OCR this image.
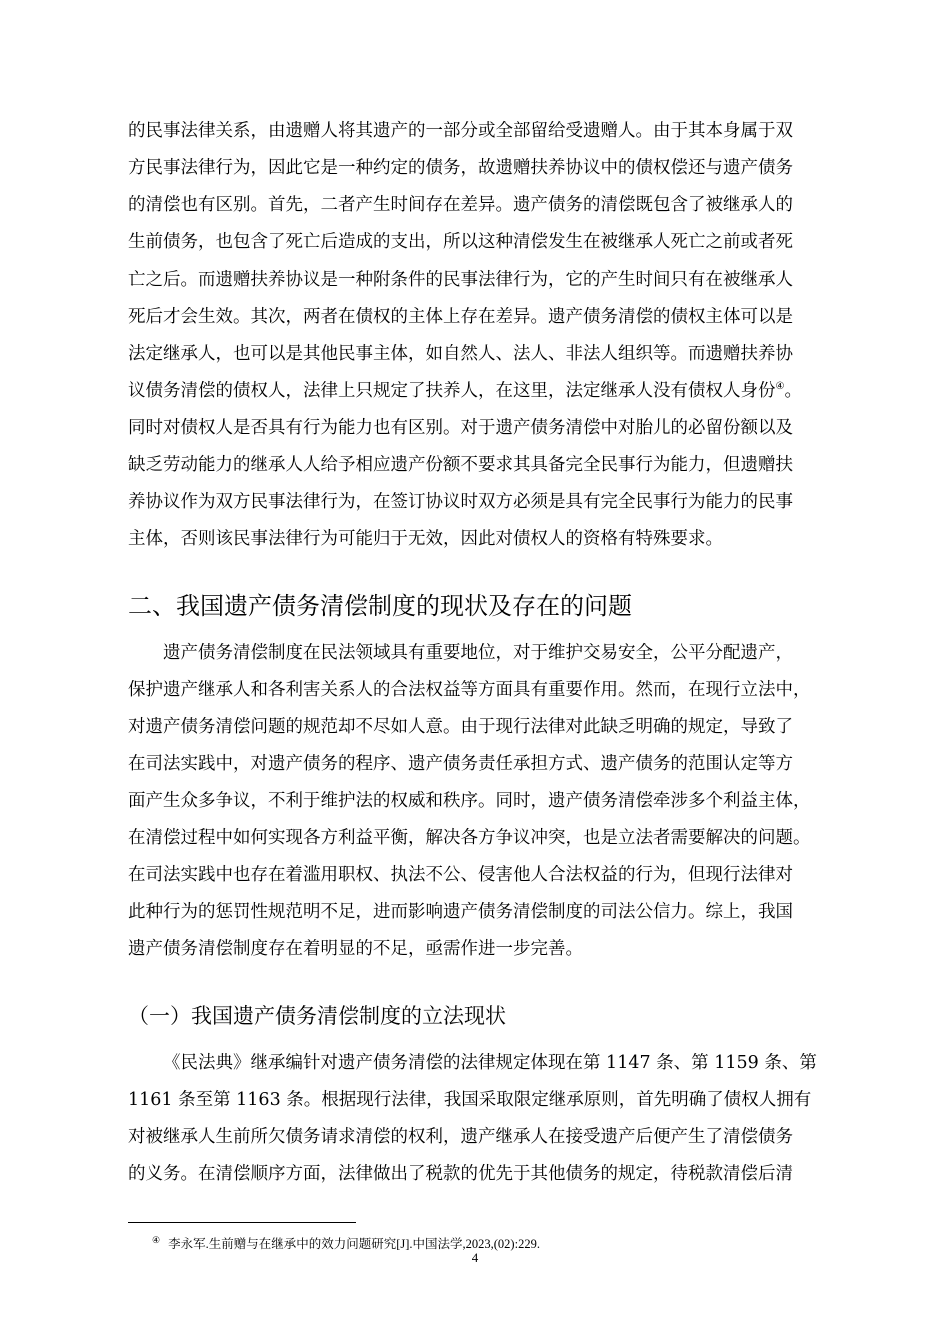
的民事法律关系，由遗赠人将其遗产的一部分或全部留给受遗赠人。由于其本身属于双
方民事法律行为，因此它是一种约定的债务，故遗赠扶养协议中的债权偿还与遗产债务
的清偿也有区别。首先，二者产生时间存在差异。遗产债务的清偿既包含了被继承人的
生前债务，也包含了死亡后造成的支出，所以这种清偿发生在被继承人死亡之前或者死
亡之后。而遗赠扶养协议是一种附条件的民事法律行为，它的产生时间只有在被继承人
死后才会生效。其次，两者在债权的主体上存在差异。遗产债务清偿的债权主体可以是
法定继承人，也可以是其他民事主体，如自然人、法人、非法人组织等。而遗赠扶养协
议债务清偿的债权人，法律上只规定了扶养人，在这里，法定继承人没有债权人身份④。
同时对债权人是否具有行为能力也有区别。对于遗产债务清偿中对胎儿的必留份额以及
缺乏劳动能力的继承人人给予相应遗产份额不要求其具备完全民事行为能力，但遗赠扶
养协议作为双方民事法律行为，在签订协议时双方必须是具有完全民事行为能力的民事
主体，否则该民事法律行为可能归于无效，因此对债权人的资格有特殊要求。
二、我国遗产债务清偿制度的现状及存在的问题
遗产债务清偿制度在民法领域具有重要地位，对于维护交易安全，公平分配遗产，
保护遗产继承人和各利害关系人的合法权益等方面具有重要作用。然而，在现行立法中，
对遗产债务清偿问题的规范却不尽如人意。由于现行法律对此缺乏明确的规定，导致了
在司法实践中，对遗产债务的程序、遗产债务责任承担方式、遗产债务的范围认定等方
面产生众多争议，不利于维护法的权威和秩序。同时，遗产债务清偿牵涉多个利益主体，
在清偿过程中如何实现各方利益平衡，解决各方争议冲突，也是立法者需要解决的问题。
在司法实践中也存在着滥用职权、执法不公、侵害他人合法权益的行为，但现行法律对
此种行为的惩罚性规范明不足，进而影响遗产债务清偿制度的司法公信力。综上，我国
遗产债务清偿制度存在着明显的不足，亟需作进一步完善。
（一）我国遗产债务清偿制度的立法现状
《民法典》继承编针对遗产债务清偿的法律规定体现在第 1147 条、第 1159 条、第
1161 条至第 1163 条。根据现行法律，我国采取限定继承原则，首先明确了债权人拥有
对被继承人生前所欠债务请求清偿的权利，遗产继承人在接受遗产后便产生了清偿债务
的义务。在清偿顺序方面，法律做出了税款的优先于其他债务的规定，待税款清偿后清
④ 李永军.生前赠与在继承中的效力问题研究[J].中国法学,2023,(02):229.
4
